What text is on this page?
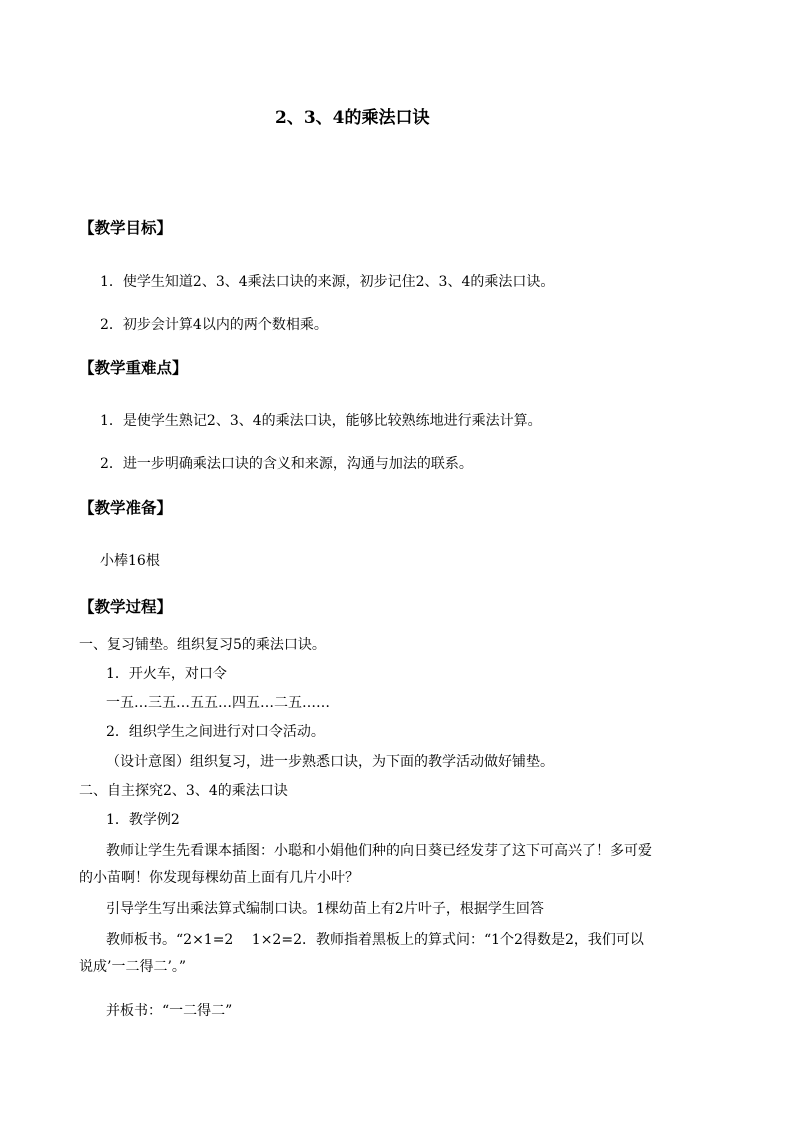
2、3、4的乘法口诀
【教学目标】
1．使学生知道2、3、4乘法口诀的来源，初步记住2、3、4的乘法口诀。
2．初步会计算4以内的两个数相乘。
【教学重难点】
1．是使学生熟记2、3、4的乘法口诀，能够比较熟练地进行乘法计算。
2．进一步明确乘法口诀的含义和来源，沟通与加法的联系。
【教学准备】
小棒16根
【教学过程】
一、复习铺垫。组织复习5的乘法口诀。
1．开火车，对口令
一五…三五…五五…四五…二五……
2．组织学生之间进行对口令活动。
（设计意图）组织复习，进一步熟悉口诀，为下面的教学活动做好铺垫。
二、自主探究2、3、4的乘法口诀
1．教学例2
教师让学生先看课本插图：小聪和小娟他们种的向日葵已经发芽了这下可高兴了！多可爱
的小苗啊！你发现每棵幼苗上面有几片小叶？
引导学生写出乘法算式编制口诀。1棵幼苗上有2片叶子，根据学生回答
教师板书。“2×1=2　 1×2=2．教师指着黑板上的算式问：“1个2得数是2，我们可以
说成’一二得二’。”
并板书：“一二得二”
